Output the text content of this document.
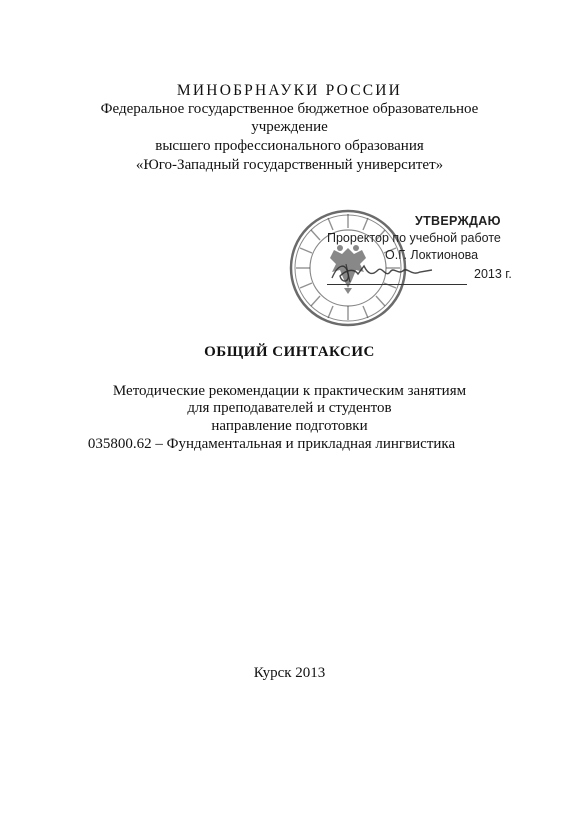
МИНОБРНАУКИ РОССИИ
Федеральное государственное бюджетное образовательное
учреждение
высшего профессионального образования
«Юго-Западный государственный университет»
УТВЕРЖДАЮ
Проректор по учебной работе
О.Г. Локтионова
2013 г.
ОБЩИЙ СИНТАКСИС
Методические рекомендации к практическим занятиям
для преподавателей и студентов
направление подготовки
035800.62 – Фундаментальная и прикладная лингвистика
Курск 2013
